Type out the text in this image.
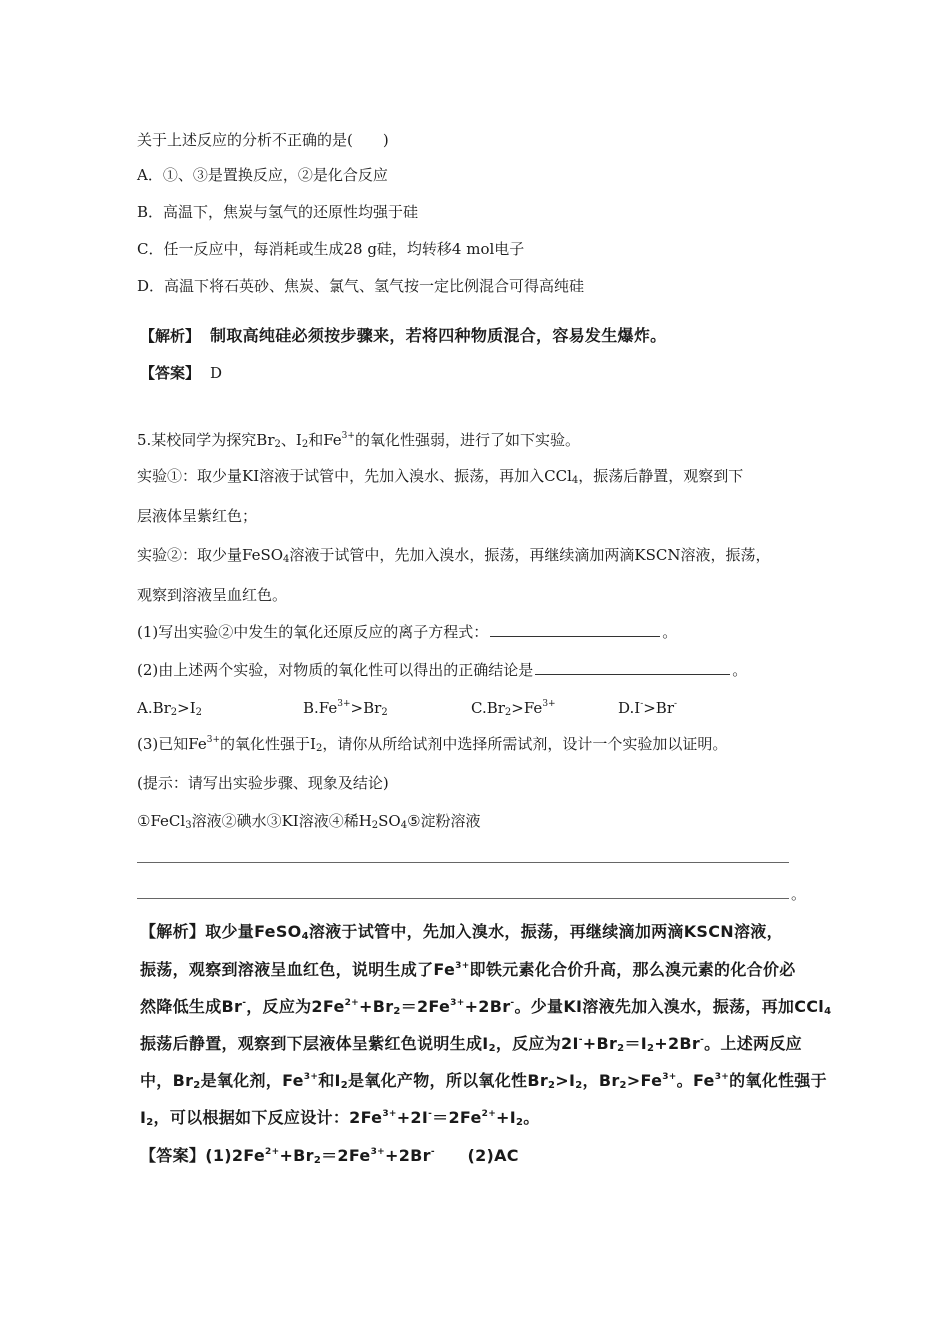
关于上述反应的分析不正确的是(　　)
A．①、③是置换反应，②是化合反应
B．高温下，焦炭与氢气的还原性均强于硅
C．任一反应中，每消耗或生成28 g硅，均转移4 mol电子
D．高温下将石英砂、焦炭、氯气、氢气按一定比例混合可得高纯硅
【解析】 制取高纯硅必须按步骤来，若将四种物质混合，容易发生爆炸。
【答案】 D
5.某校同学为探究$Br_2$、$I_2$和$Fe^{3+}$的氧化性强弱，进行了如下实验。
实验①：取少量KI溶液于试管中，先加入溴水、振荡，再加入CCl$_4$，振荡后静置，观察到下
层液体呈紫红色；
实验②：取少量FeSO$_4$溶液于试管中，先加入溴水，振荡，再继续滴加两滴KSCN溶液，振荡，
观察到溶液呈血红色。
(1)写出实验②中发生的氧化还原反应的离子方程式：	。
(2)由上述两个实验，对物质的氧化性可以得出的正确结论是	。
$A.Br_2>I_2$	$B.Fe^{3+}>Br_2$	$C.Br_2>Fe^{3+}$	D.I->Br-
(3)已知$Fe^{3+}$的氧化性强于$I_2$，请你从所给试剂中选择所需试剂，设计一个实验加以证明。
(提示：请写出实验步骤、现象及结论)
①FeCl$_3$溶液②碘水③KI溶液④稀$H_2SO_4⑤$淀粉溶液
。
【解析】取少量FeSO$_4$溶液于试管中，先加入溴水，振荡，再继续滴加两滴KSCN溶液，
振荡，观察到溶液呈血红色，说明生成了$Fe^{3+}$即铁元素化合价升高，那么溴元素的化合价必
然降低生成Br-，反应为$2Fe^{2+}+Br_2=2Fe^{3+}+2Br^-$。少量KI溶液先加入溴水，振荡，再加CCl$_4$
振荡后静置，观察到下层液体呈紫红色说明生成$I_2$，反应为$2I^-+Br_2=I_2+2Br^-$。上述两反应
中，$Br_2$是氧化剂，$Fe^{3+}$和$I_2$是氧化产物，所以氧化性$Br_2>I_2$，$Br_2>Fe^{3+}$。$Fe^{3+}$的氧化性强于
$I_2$，可以根据如下反应设计：$2Fe^{3+}+2I^-=2Fe^{2+}+I_2$。
【答案】$(1)2Fe^{2+}+Br_2=2Fe^{3+}+2Br^-$　　(2)AC
